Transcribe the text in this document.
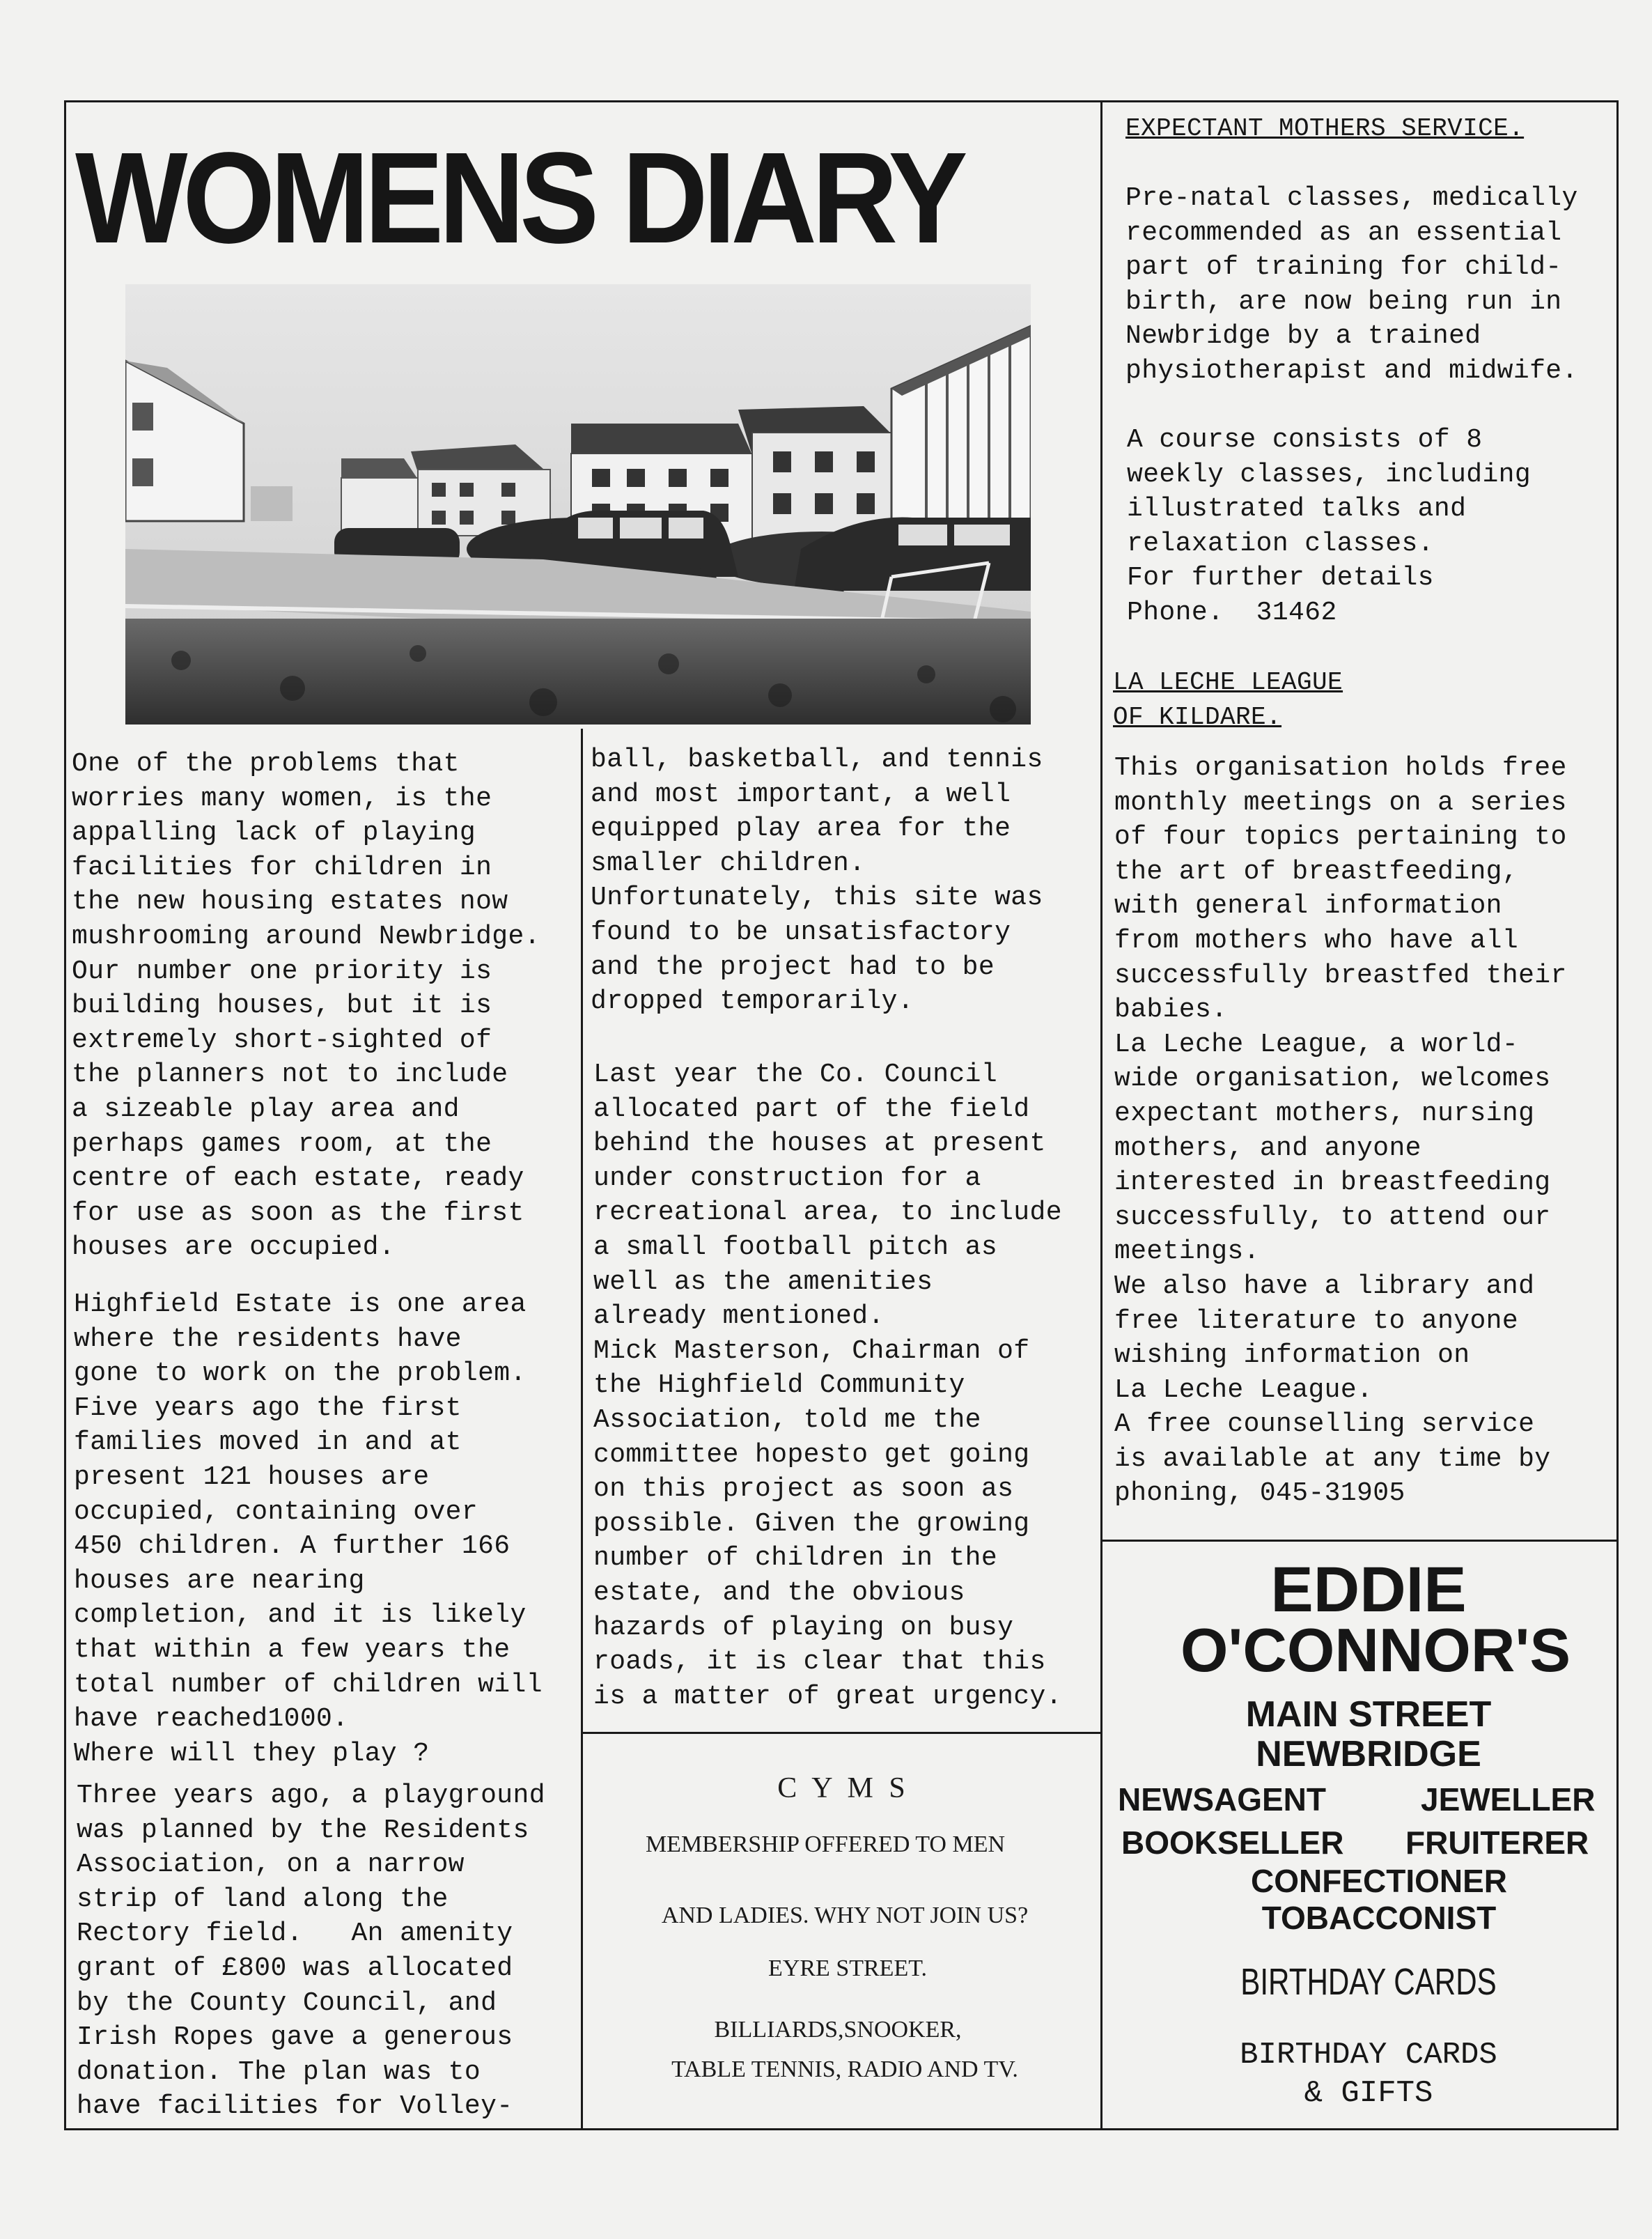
WOMENS DIARY

One of the problems that
worries many women, is the
appalling lack of playing
facilities for children in
the new housing estates now
mushrooming around Newbridge.
Our number one priority is
building houses, but it is
extremely short-sighted of
the planners not to include
a sizeable play area and
perhaps games room, at the
centre of each estate, ready
for use as soon as the first
houses are occupied.

Highfield Estate is one area
where the residents have
gone to work on the problem.
Five years ago the first
families moved in and at
present 121 houses are
occupied, containing over
450 children. A further 166
houses are nearing
completion, and it is likely
that within a few years the
total number of children will
have reached1000.
Where will they play ?

Three years ago, a playground
was planned by the Residents
Association, on a narrow
strip of land along the
Rectory field.   An amenity
grant of £800 was allocated
by the County Council, and
Irish Ropes gave a generous
donation. The plan was to
have facilities for Volley-

ball, basketball, and tennis
and most important, a well
equipped play area for the
smaller children.
Unfortunately, this site was
found to be unsatisfactory
and the project had to be
dropped temporarily.

Last year the Co. Council
allocated part of the field
behind the houses at present
under construction for a
recreational area, to include
a small football pitch as
well as the amenities
already mentioned.
Mick Masterson, Chairman of
the Highfield Community
Association, told me the
committee hopesto get going
on this project as soon as
possible. Given the growing
number of children in the
estate, and the obvious
hazards of playing on busy
roads, it is clear that this
is a matter of great urgency.

C Y M S

MEMBERSHIP OFFERED TO MEN

AND LADIES. WHY NOT JOIN US?

EYRE STREET.

BILLIARDS,SNOOKER,

TABLE TENNIS, RADIO AND TV.

EXPECTANT MOTHERS SERVICE.

Pre-natal classes, medically
recommended as an essential
part of training for child-
birth, are now being run in
Newbridge by a trained
physiotherapist and midwife.

A course consists of 8
weekly classes, including
illustrated talks and
relaxation classes.
For further details
Phone.  31462

LA LECHE LEAGUE
OF KILDARE.

This organisation holds free
monthly meetings on a series
of four topics pertaining to
the art of breastfeeding,
with general information
from mothers who have all
successfully breastfed their
babies.
La Leche League, a world-
wide organisation, welcomes
expectant mothers, nursing
mothers, and anyone
interested in breastfeeding
successfully, to attend our
meetings.
We also have a library and
free literature to anyone
wishing information on
La Leche League.
A free counselling service
is available at any time by
phoning, 045-31905

EDDIE

O'CONNOR'S

MAIN STREET

NEWBRIDGE

NEWSAGENT	JEWELLER

BOOKSELLER FRUITERER

CONFECTIONER

TOBACCONIST

BIRTHDAY CARDS

BIRTHDAY CARDS

& GIFTS
